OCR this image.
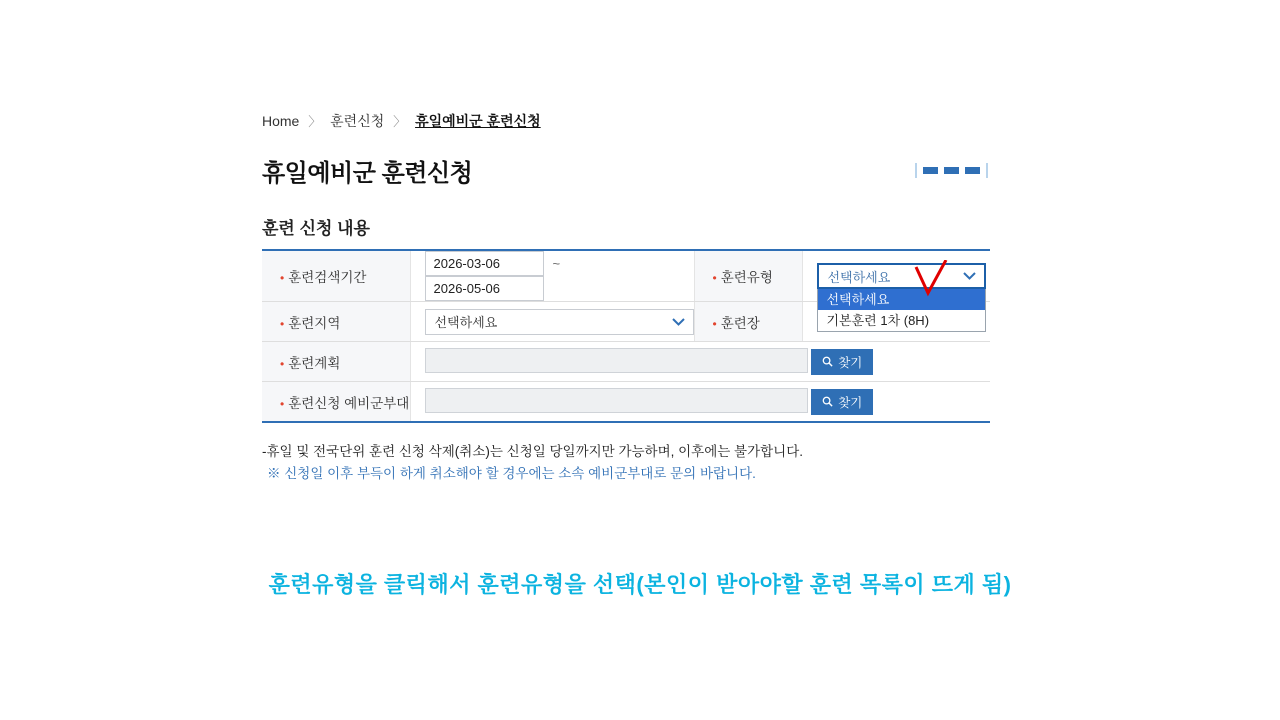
Home 〉 훈련신청 〉 휴일예비군 훈련신청
휴일예비군 훈련신청
훈련 신청 내용
• 훈련검색기간	2026-03-06 ~ 2026-05-06	• 훈련유형	선택하세요
선택하세요
기본훈련 1차 (8H)

• 훈련지역	선택하세요	• 훈련장	
• 훈련계획	찾기		

• 훈련신청 예비군부대	찾기		
-휴일 및 전국단위 훈련 신청 삭제(취소)는 신청일 당일까지만 가능하며, 이후에는 불가합니다.
※ 신청일 이후 부득이 하게 취소해야 할 경우에는 소속 예비군부대로 문의 바랍니다.
훈련유형을 클릭해서 훈련유형을 선택(본인이 받아야할 훈련 목록이 뜨게 됨)
